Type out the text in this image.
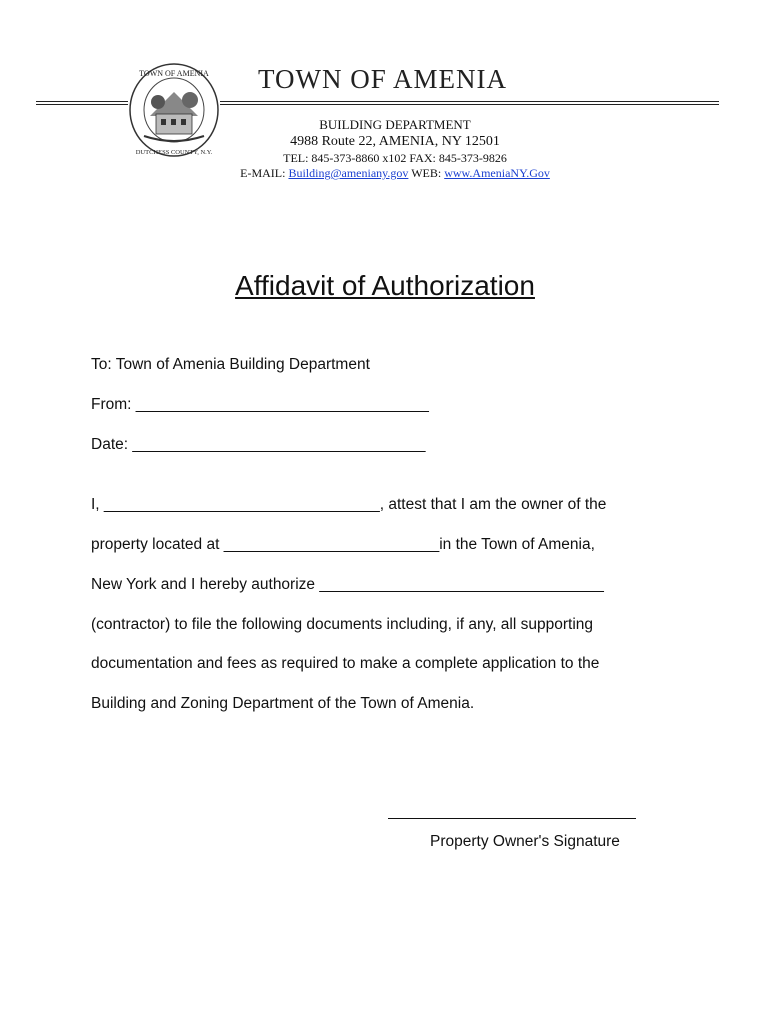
TOWN OF AMENIA
DUTCHESS COUNTY, N.Y.
TOWN OF AMENIA
BUILDING DEPARTMENT
4988 Route 22, AMENIA, NY 12501
TEL: 845-373-8860 x102 FAX: 845-373-9826
E-MAIL: Building@ameniany.gov WEB: www.AmeniaNY.Gov
Affidavit of Authorization
To: Town of Amenia Building Department
From: __________________________________
Date: __________________________________
I, ________________________________, attest that I am the owner of the
property located at _________________________in the Town of Amenia,
New York and I hereby authorize _________________________________
(contractor) to file the following documents including, if any, all supporting
documentation and fees as required to make a complete application to the
Building and Zoning Department of the Town of Amenia.
Property Owner's Signature
